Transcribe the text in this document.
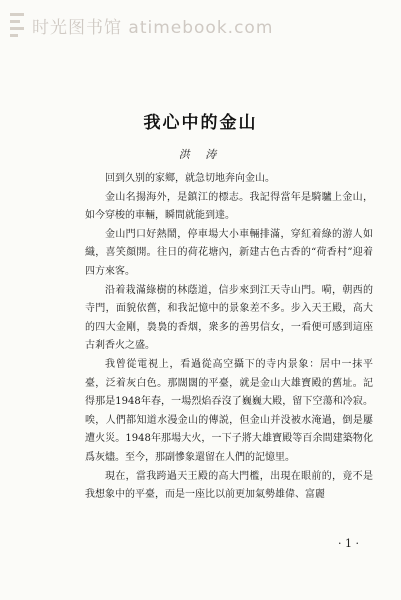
时光图书馆 atimebook.com
我心中的金山
洪 涛

回到久别的家鄉，就急切地奔向金山。

金山名揚海外，是鎮江的標志。我記得當年是騎驢上金山，如今穿梭的車輛，瞬間就能到達。

金山門口好熱鬧，停車場大小車輛排滿，穿紅着綠的游人如織，喜笑顏開。往日的荷花塘內，新建古色古香的“荷香村”迎着四方來客。

沿着栽滿綠樹的林蔭道，信步來到江天寺山門。嗬，朝西的寺門，面貌依舊，和我記憶中的景象差不多。步入天王殿，高大的四大金剛，裊裊的香烟，衆多的善男信女，一看便可感到這座古剎香火之盛。

我曾從電視上，看過從高空攝下的寺内景象：居中一抹平臺，泛着灰白色。那闊闊的平臺，就是金山大雄寶殿的舊址。記得那是1948年春，一場烈焰吞沒了巍巍大殿，留下空蕩和冷寂。唉，人們都知道水漫金山的傳説，但金山并没被水淹過，倒是屢遭火災。1948年那場大火，一下子將大雄寶殿等百余間建築物化爲灰燼。至今，那副慘象還留在人們的記憶里。

現在，當我跨過天王殿的高大門檻，出現在眼前的，竟不是我想象中的平臺，而是一座比以前更加氣勢雄偉、富麗

· 1 ·
